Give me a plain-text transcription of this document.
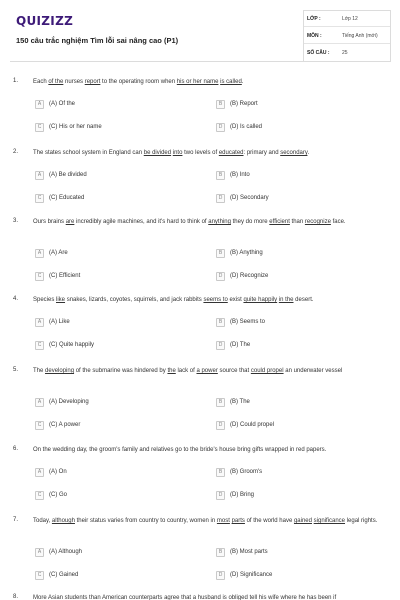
QUIZIZZ
150 câu trắc nghiệm Tìm lỗi sai nâng cao (P1)
LỚP :	Lớp 12
MÔN :	Tiếng Anh (mới)
SỐ CÂU :	25
1. Each of the nurses report to the operating room when his or her name is called.
A	(A) Of the	B	(B) Report
C	(C) His or her name	D	(D) Is called
2. The states school system in England can be divided into two levels of educated: primary and secondary.
A	(A) Be divided	B	(B) Into
C	(C) Educated	D	(D) Secondary
3. Ours brains are incredibly agile machines, and it's hard to think of anything they do more efficient than recognize face.
A	(A) Are	B	(B) Anything
C	(C) Efficient	D	(D) Recognize
4. Species like snakes, lizards, coyotes, squirrels, and jack rabbits seems to exist quite happily in the desert.
A	(A) Like	B	(B) Seems to
C	(C) Quite happily	D	(D) The
5. The developing of the submarine was hindered by the lack of a power source that could propel an underwater vessel
A	(A) Developing	B	(B) The
C	(C) A power	D	(D) Could propel
6. On the wedding day, the groom's family and relatives go to the bride's house bring gifts wrapped in red papers.
A	(A) On	B	(B) Groom's
C	(C) Go	D	(D) Bring
7. Today, although their status varies from country to country, women in most parts of the world have gained significance legal rights.
A	(A) Although	B	(B) Most parts
C	(C) Gained	D	(D) Significance
8. More Asian students than American counterparts agree that a husband is obliged tell his wife where he has been if
